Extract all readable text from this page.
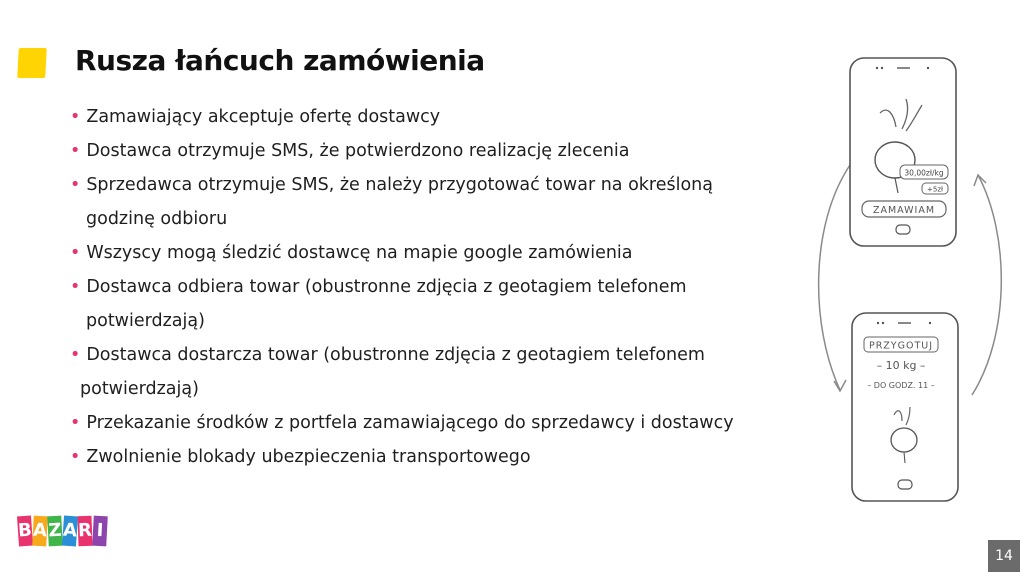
Rusza łańcuch zamówienia
• Zamawiający akceptuje ofertę dostawcy
• Dostawca otrzymuje SMS, że potwierdzono realizację zlecenia
• Sprzedawca otrzymuje SMS, że należy przygotować towar na określoną
godzinę odbioru
• Wszyscy mogą śledzić dostawcę na mapie google zamówienia
• Dostawca odbiera towar (obustronne zdjęcia z geotagiem telefonem
potwierdzają)
• Dostawca dostarcza towar (obustronne zdjęcia z geotagiem telefonem
potwierdzają)
• Przekazanie środków z portfela zamawiającego do sprzedawcy i dostawcy
• Zwolnienie blokady ubezpieczenia transportowego
30,00zł/kg
+5zł
ZAMAWIAM
PRZYGOTUJ
– 10 kg –
– DO GODZ. 11 –
B A Z A R I
14
